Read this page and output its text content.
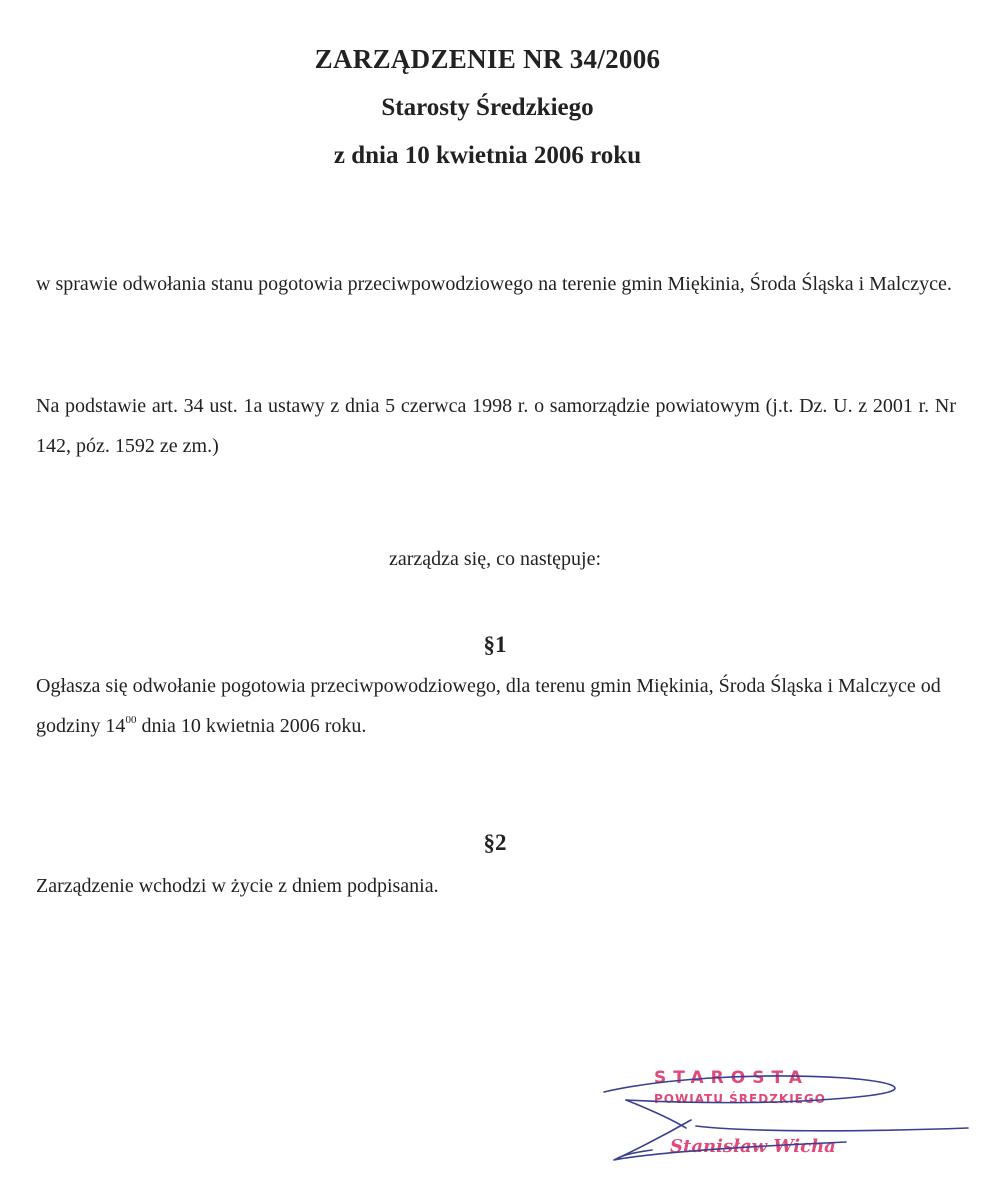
ZARZĄDZENIE NR 34/2006

Starosty Średzkiego

z dnia 10 kwietnia 2006 roku

w sprawie odwołania stanu pogotowia przeciwpowodziowego na terenie gmin Miękinia, Środa Śląska i Malczyce.

Na podstawie art. 34 ust. 1a ustawy z dnia 5 czerwca 1998 r. o samorządzie powiatowym (j.t. Dz. U. z 2001 r. Nr 142, póz. 1592 ze zm.)

zarządza się, co następuje:

§1

Ogłasza się odwołanie pogotowia przeciwpowodziowego, dla terenu gmin Miękinia, Środa Śląska i Malczyce od godziny $14^{00}$ dnia 10 kwietnia 2006 roku.

§2

Zarządzenie wchodzi w życie z dniem podpisania.

STAROSTA

POWIATU ŚREDZKIEGO

Stanisław Wicha
